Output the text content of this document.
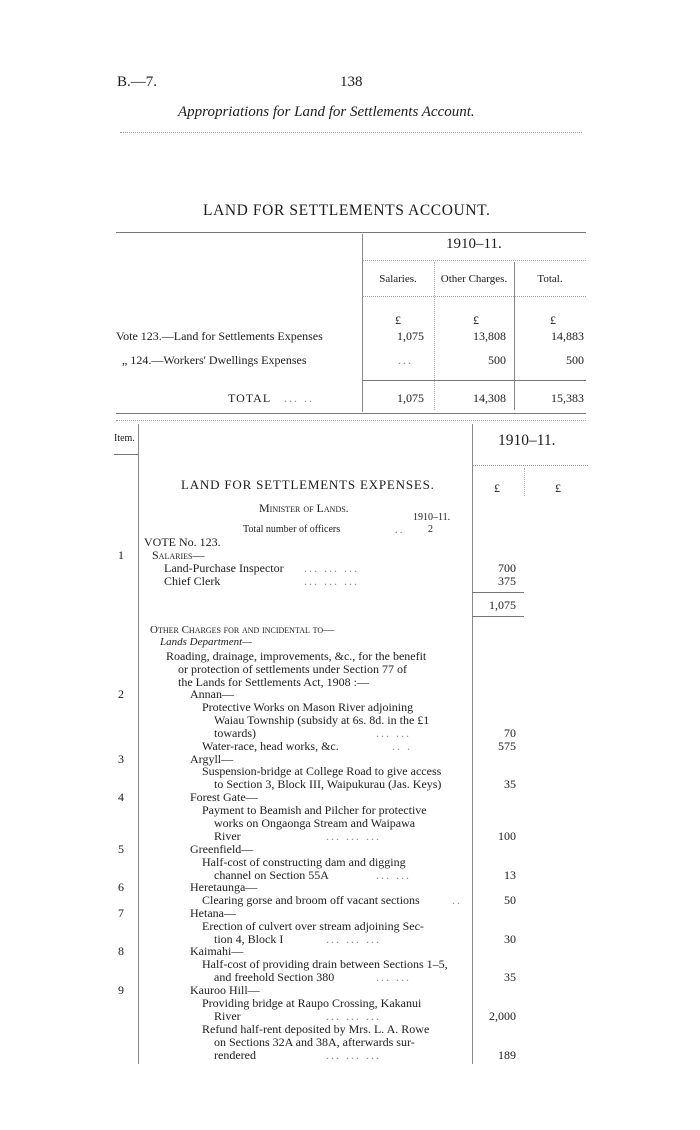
B.—7.	138
Appropriations for Land for Settlements Account.
LAND FOR SETTLEMENTS ACCOUNT.
1910–11.
Salaries.	Other Charges.	Total.
£	£	£
Vote 123.—Land for Settlements Expenses	1,075	13,808	14,883
„ 124.—Workers' Dwellings Expenses	...	500	500
TOTAL ... ..	1,075	14,308	15,383
Item.	1910–11.
£	£
LAND FOR SETTLEMENTS EXPENSES.
Minister of Lands.
1910–11.
Total number of officers	.. 2
VOTE No. 123.
1 Salaries—
Land-Purchase Inspector ... ... ...	700
Chief Clerk	... ... ...	375
1,075
Other Charges for and incidental to—
Lands Department—
Roading, drainage, improvements, &c., for the benefit
or protection of settlements under Section 77 of
the Lands for Settlements Act, 1908 :—
2	Annan—
Protective Works on Mason River adjoining
Waiau Township (subsidy at 6s. 8d. in the £1
towards)	... ...	70
Water-race, head works, &c.	.. .	575
3	Argyll—
Suspension-bridge at College Road to give access
to Section 3, Block III, Waipukurau (Jas. Keys)	35
4	Forest Gate—
Payment to Beamish and Pilcher for protective
works on Ongaonga Stream and Waipawa
River	... ... ...	100
5	Greenfield—
Half-cost of constructing dam and digging
channel on Section 55A	... ...	13
6	Heretaunga—
Clearing gorse and broom off vacant sections	..	50
7	Hetana—
Erection of culvert over stream adjoining Sec-
tion 4, Block I	... ... ...	30
8	Kaimahi—
Half-cost of providing drain between Sections 1–5,
and freehold Section 380	... ...	35
9	Kauroo Hill—
Providing bridge at Raupo Crossing, Kakanui
River	... ... ...	2,000
Refund half-rent deposited by Mrs. L. A. Rowe
on Sections 32A and 38A, afterwards sur-
rendered	... ... ...	189
